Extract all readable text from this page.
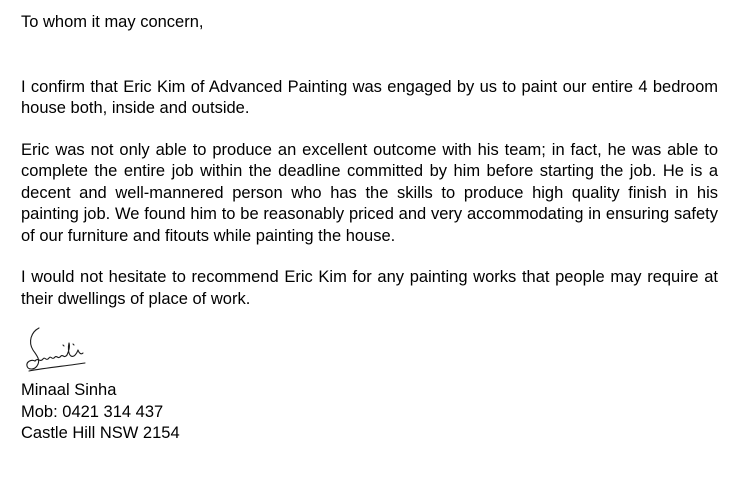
To whom it may concern,

I confirm that Eric Kim of Advanced Painting was engaged by us to paint our entire 4 bedroom house both, inside and outside.

Eric was not only able to produce an excellent outcome with his team; in fact, he was able to complete the entire job within the deadline committed by him before starting the job. He is a decent and well-mannered person who has the skills to produce high quality finish in his painting job. We found him to be reasonably priced and very accommodating in ensuring safety of our furniture and fitouts while painting the house.

I would not hesitate to recommend Eric Kim for any painting works that people may require at their dwellings of place of work.

Minaal Sinha
Mob: 0421 314 437
Castle Hill NSW 2154
